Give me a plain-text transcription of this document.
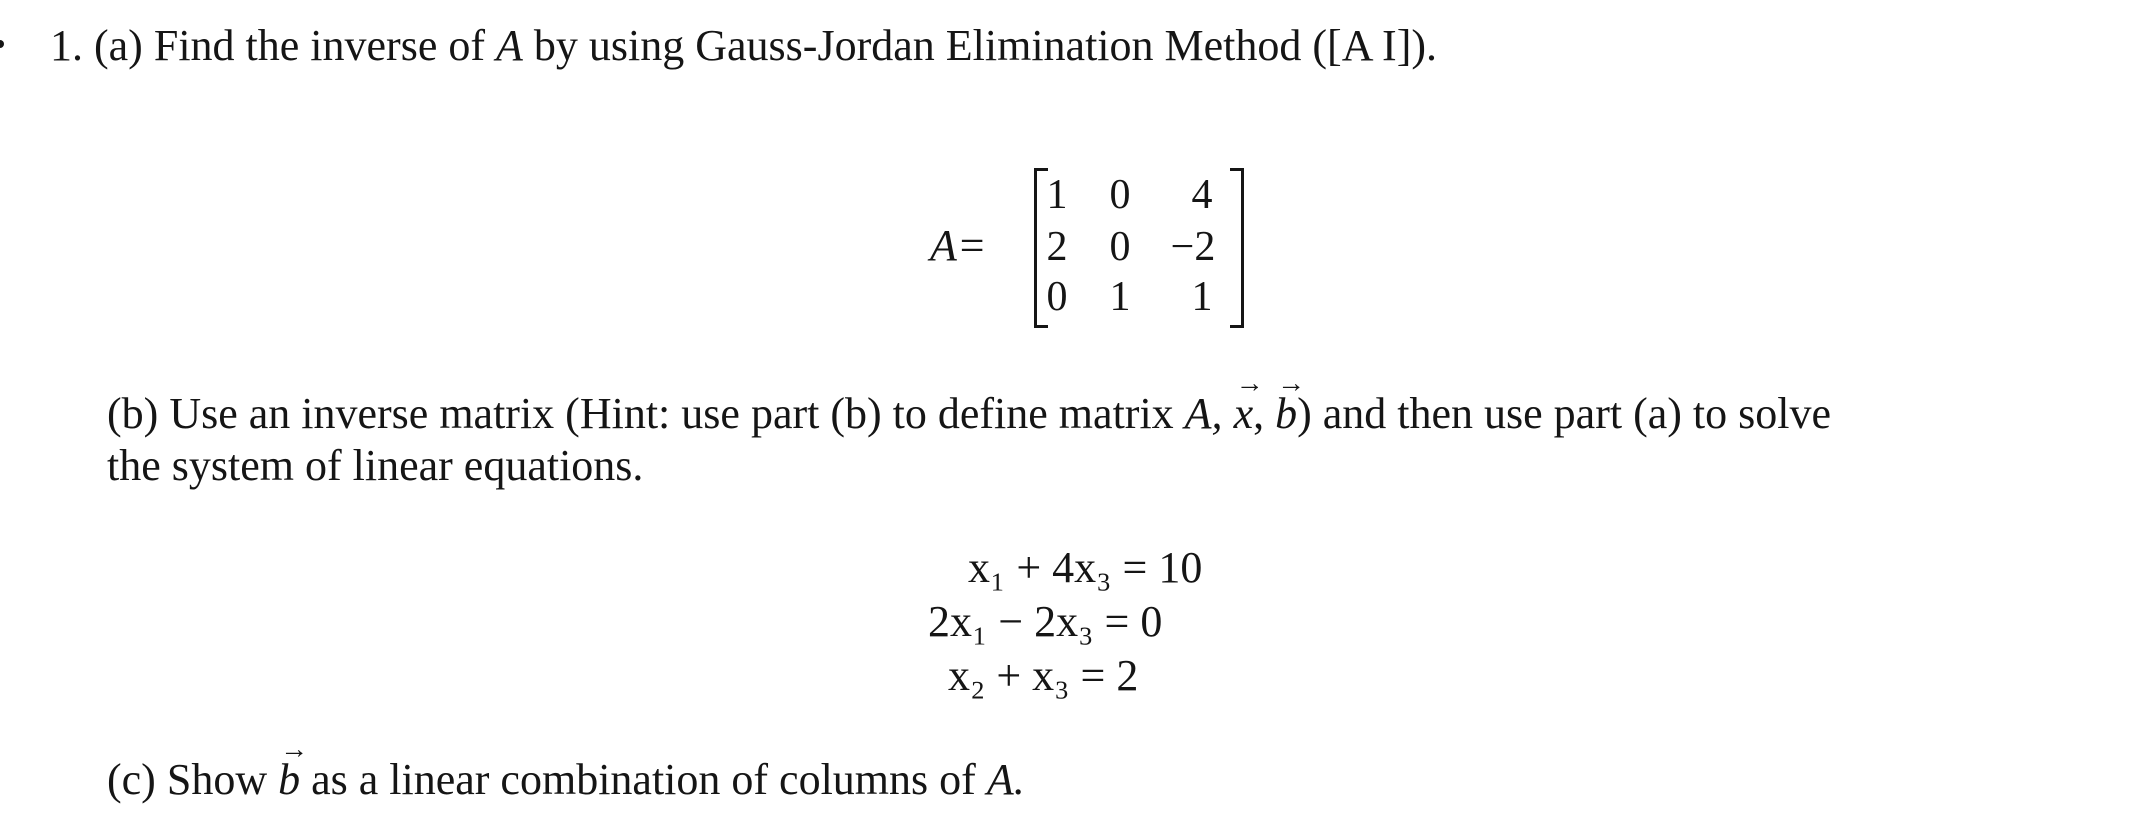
1. (a) Find the inverse of A by using Gauss-Jordan Elimination Method ([A I]).
A=
1	0	4
2	0 −2
0	1	1
(b) Use an inverse matrix (Hint: use part (b) to define matrix A,
→
x,
→
b) and then use part (a) to solve
the system of linear equations.
x₁ + 4x₃ = 10
2x₁ − 2x₃ = 0
x₂ + x₃ = 2
(c) Show
→
b as a linear combination of columns of A.
